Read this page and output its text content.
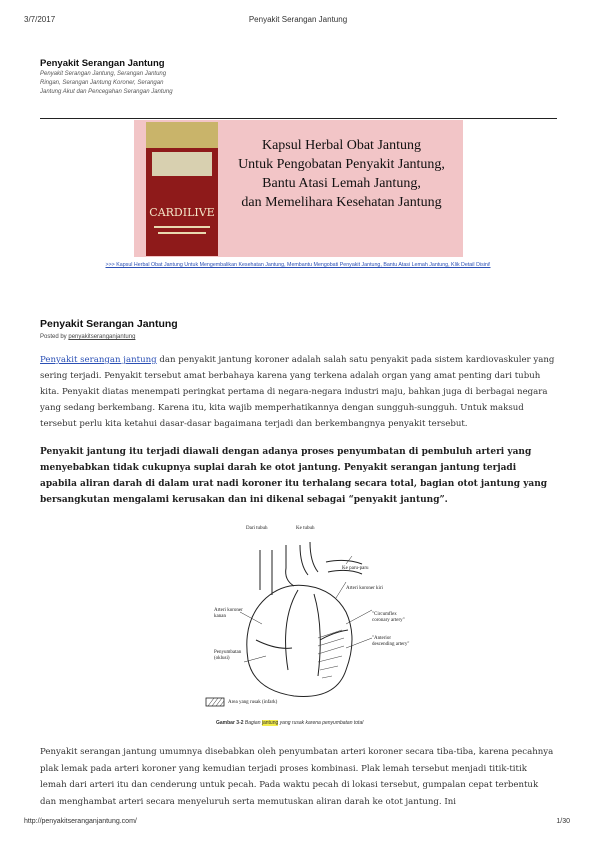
3/7/2017	Penyakit Serangan Jantung
Penyakit Serangan Jantung
Penyakit Serangan Jantung, Serangan Jantung Ringan, Serangan Jantung Koroner, Serangan Jantung Akut dan Pencegahan Serangan Jantung
CARDILIVE
Kapsul Herbal Obat Jantung
Untuk Pengobatan Penyakit Jantung,
Bantu Atasi Lemah Jantung,
dan Memelihara Kesehatan Jantung
>>> Kapsul Herbal Obat Jantung Untuk Mengembalikan Kesehatan Jantung, Membantu Mengobati Penyakit Jantung, Bantu Atasi Lemah Jantung, Klik Detail Disini!
Penyakit Serangan Jantung
Posted by penyakitseranganjantung
Penyakit serangan jantung dan penyakit jantung koroner adalah salah satu penyakit pada sistem kardiovaskuler yang sering terjadi. Penyakit tersebut amat berbahaya karena yang terkena adalah organ yang amat penting dari tubuh kita. Penyakit diatas menempati peringkat pertama di negara-negara industri maju, bahkan juga di berbagai negara yang sedang berkembang. Karena itu, kita wajib memperhatikannya dengan sungguh-sungguh. Untuk maksud tersebut perlu kita ketahui dasar-dasar bagaimana terjadi dan berkembangnya penyakit tersebut.
Penyakit jantung itu terjadi diawali dengan adanya proses penyumbatan di pembuluh arteri yang menyebabkan tidak cukupnya suplai darah ke otot jantung. Penyakit serangan jantung terjadi apabila aliran darah di dalam urat nadi koroner itu terhalang secara total, bagian otot jantung yang bersangkutan mengalami kerusakan dan ini dikenal sebagai “penyakit jantung”.
Dari tubuh	Ke tubuh
Ke paru-paru
Arteri koroner kiri
Arteri koroner kanan	"Circumflex coronary artery"
Penyumbatan (oklusi)
"Anterior descending artery"
Area yang rusak (infark)
Gambar 3-2 Bagian jantung yang rusak karena penyumbatan total
Penyakit serangan jantung umumnya disebabkan oleh penyumbatan arteri koroner secara tiba-tiba, karena pecahnya plak lemak pada arteri koroner yang kemudian terjadi proses kombinasi. Plak lemah tersebut menjadi titik-titik lemah dari arteri itu dan cenderung untuk pecah. Pada waktu pecah di lokasi tersebut, gumpalan cepat terbentuk dan menghambat arteri secara menyeluruh serta memutuskan aliran darah ke otot jantung. Ini
http://penyakitseranganjantung.com/	1/30
